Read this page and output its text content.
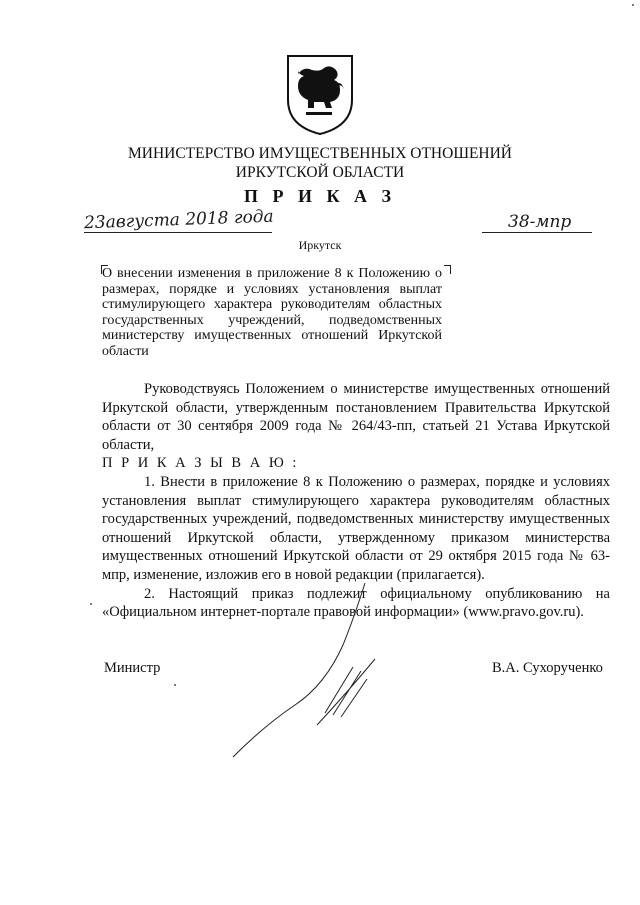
МИНИСТЕРСТВО ИМУЩЕСТВЕННЫХ ОТНОШЕНИЙ
ИРКУТСКОЙ ОБЛАСТИ
П Р И К А З
23августа 2018 года	38-мпр
Иркутск
О внесении изменения в приложение 8 к Положению о размерах, порядке и условиях установления выплат стимулирующего характера руководителям областных государственных учреждений, подведомственных министерству имущественных отношений Иркутской области

Руководствуясь Положением о министерстве имущественных отношений Иркутской области, утвержденным постановлением Правительства Иркутской области от 30 сентября 2009 года № 264/43-пп, статьей 21 Устава Иркутской области,

П Р И К А З Ы В А Ю :

1. Внести в приложение 8 к Положению о размерах, порядке и условиях установления выплат стимулирующего характера руководителям областных государственных учреждений, подведомственных министерству имущественных отношений Иркутской области, утвержденному приказом министерства имущественных отношений Иркутской области от 29 октября 2015 года № 63-мпр, изменение, изложив его в новой редакции (прилагается).

2. Настоящий приказ подлежит официальному опубликованию на «Официальном интернет-портале правовой информации» (www.pravo.gov.ru).

Министр	В.А. Сухорученко
